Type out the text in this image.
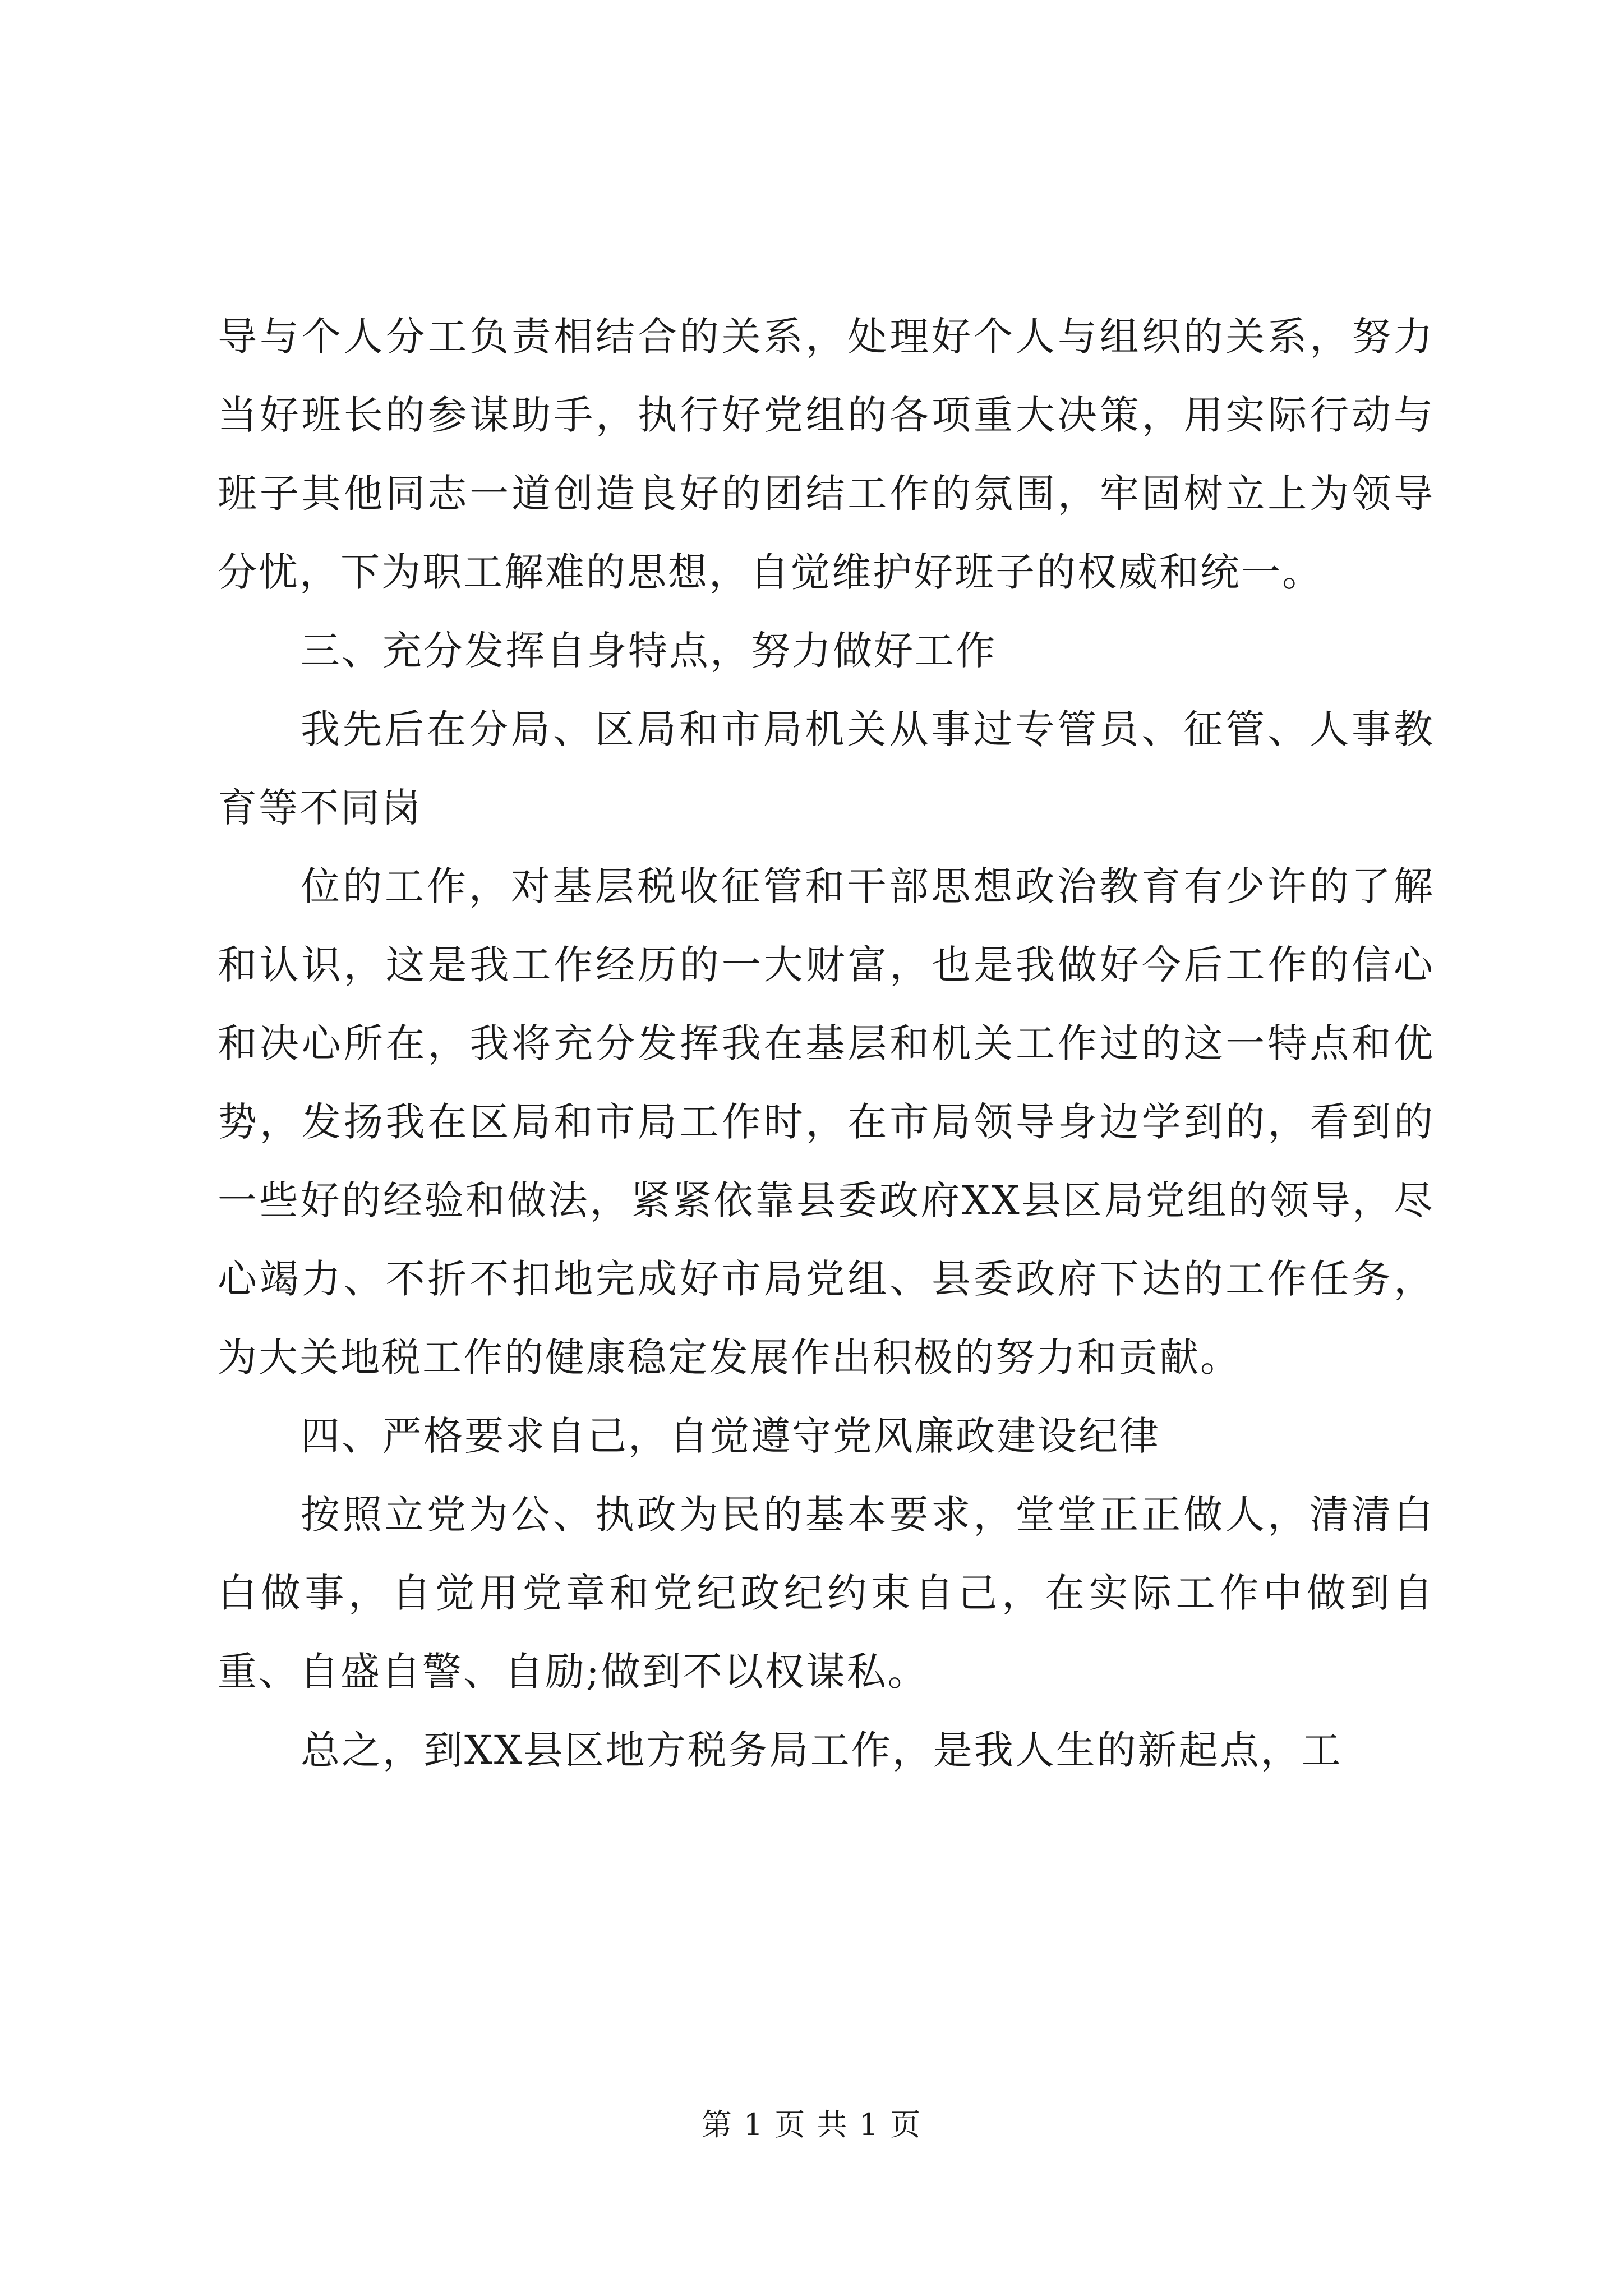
导与个人分工负责相结合的关系，处理好个人与组织的关系，努力当好班长的参谋助手，执行好党组的各项重大决策，用实际行动与班子其他同志一道创造良好的团结工作的氛围，牢固树立上为领导分忧，下为职工解难的思想，自觉维护好班子的权威和统一。

三、充分发挥自身特点，努力做好工作

我先后在分局、区局和市局机关从事过专管员、征管、人事教育等不同岗

位的工作，对基层税收征管和干部思想政治教育有少许的了解和认识，这是我工作经历的一大财富，也是我做好今后工作的信心和决心所在，我将充分发挥我在基层和机关工作过的这一特点和优势，发扬我在区局和市局工作时，在市局领导身边学到的，看到的一些好的经验和做法，紧紧依靠县委政府XX县区局党组的领导，尽心竭力、不折不扣地完成好市局党组、县委政府下达的工作任务，为大关地税工作的健康稳定发展作出积极的努力和贡献。

四、严格要求自己，自觉遵守党风廉政建设纪律

按照立党为公、执政为民的基本要求，堂堂正正做人，清清白白做事，自觉用党章和党纪政纪约束自己，在实际工作中做到自重、自盛自警、自励;做到不以权谋私。

总之，到XX县区地方税务局工作，是我人生的新起点，工

第 1 页 共 1 页
